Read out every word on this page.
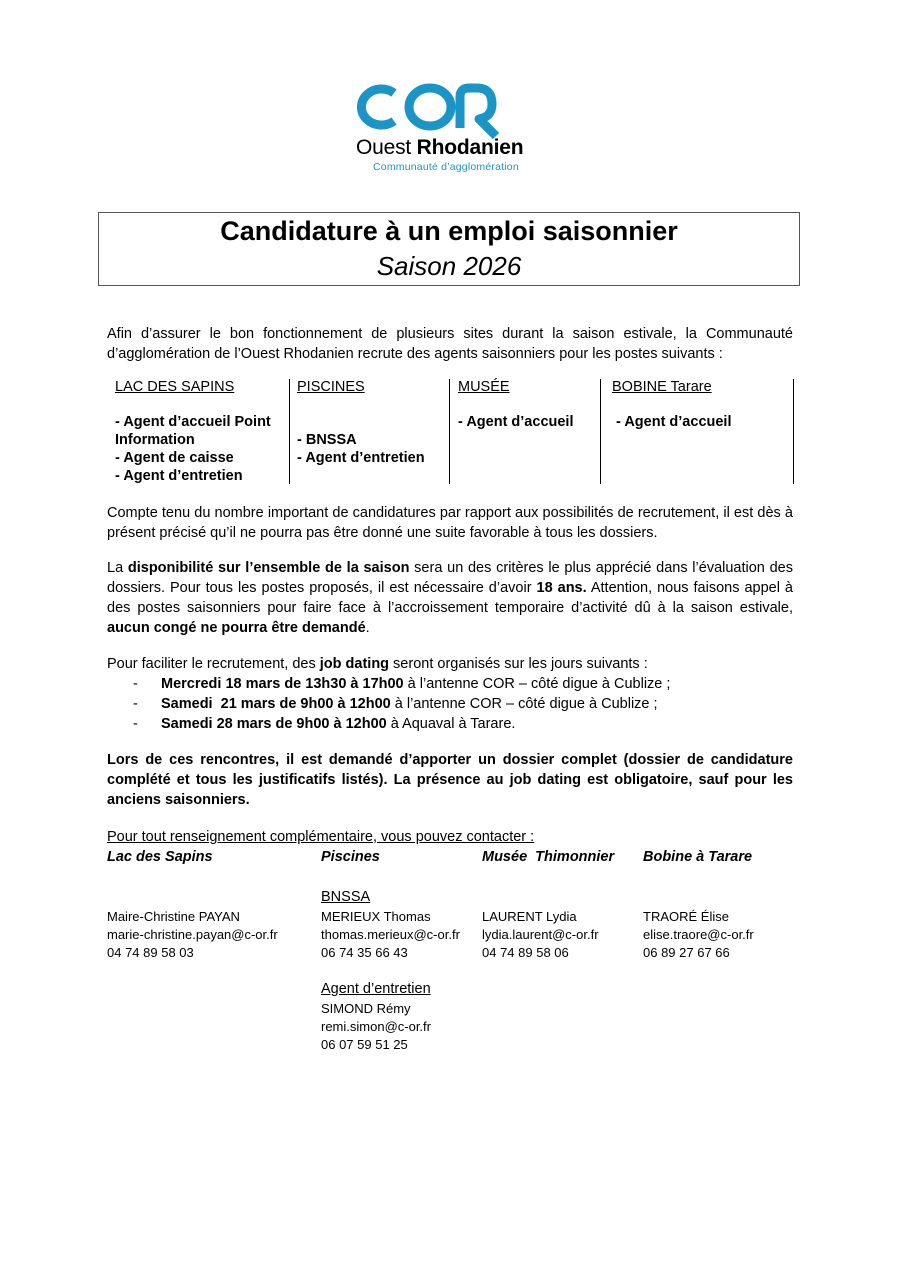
Ouest Rhodanien
Communauté d’agglomération
Candidature à un emploi saisonnier
Saison 2026
Afin d’assurer le bon fonctionnement de plusieurs sites durant la saison estivale, la Communauté d’agglomération de l’Ouest Rhodanien recrute des agents saisonniers pour les postes suivants :
LAC DES SAPINS
- Agent d’accueil Point Information
- Agent de caisse
- Agent d’entretien
PISCINES
- BNSSA
- Agent d’entretien
MUSÉE
- Agent d’accueil
BOBINE Tarare
- Agent d’accueil
Compte tenu du nombre important de candidatures par rapport aux possibilités de recrutement, il est dès à présent précisé qu’il ne pourra pas être donné une suite favorable à tous les dossiers.
La disponibilité sur l’ensemble de la saison sera un des critères le plus apprécié dans l’évaluation des dossiers. Pour tous les postes proposés, il est nécessaire d’avoir 18 ans. Attention, nous faisons appel à des postes saisonniers pour faire face à l’accroissement temporaire d’activité dû à la saison estivale, aucun congé ne pourra être demandé.
Pour faciliter le recrutement, des job dating seront organisés sur les jours suivants :
- Mercredi 18 mars de 13h30 à 17h00 à l’antenne COR – côté digue à Cublize ;
- Samedi  21 mars de 9h00 à 12h00 à l’antenne COR – côté digue à Cublize ;
- Samedi 28 mars de 9h00 à 12h00 à Aquaval à Tarare.
Lors de ces rencontres, il est demandé d’apporter un dossier complet (dossier de candidature complété et tous les justificatifs listés). La présence au job dating est obligatoire, sauf pour les anciens saisonniers.
Pour tout renseignement complémentaire, vous pouvez contacter :
Lac des Sapins	Piscines	Musée  Thimonnier Bobine à Tarare
Maire-Christine PAYAN
marie-christine.payan@c-or.fr
04 74 89 58 03
BNSSA
MERIEUX Thomas
thomas.merieux@c-or.fr
06 74 35 66 43
Agent d’entretien
SIMOND Rémy
remi.simon@c-or.fr
06 07 59 51 25
LAURENT Lydia
lydia.laurent@c-or.fr
04 74 89 58 06
TRAORÉ Élise
elise.traore@c-or.fr
06 89 27 67 66
